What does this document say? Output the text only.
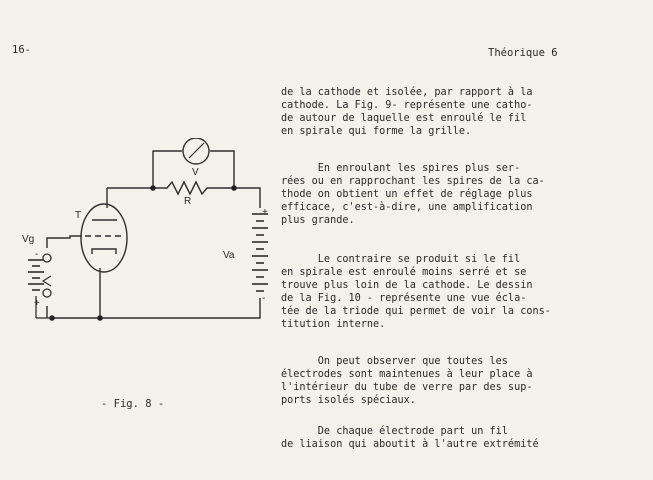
16-	Théorique 6
V
R
T
Vg
Va
+
-
-
+
- Fig. 8 -

de la cathode et isolée, par rapport à la
cathode. La Fig. 9- représente une catho-
de autour de laquelle est enroulé le fil
en spirale qui forme la grille.

En enroulant les spires plus ser-
rées ou en rapprochant les spires de la ca-
thode on obtient un effet de réglage plus
efficace, c'est-à-dire, une amplification
plus grande.

Le contraire se produit si le fil
en spirale est enroulé moins serré et se
trouve plus loin de la cathode. Le dessin
de la Fig. 10 - représente une vue écla-
tée de la triode qui permet de voir la cons-
titution interne.

On peut observer que toutes les
électrodes sont maintenues à leur place à
l'intérieur du tube de verre par des sup-
ports isolés spéciaux.

De chaque électrode part un fil
de liaison qui aboutit à l'autre extrémité
